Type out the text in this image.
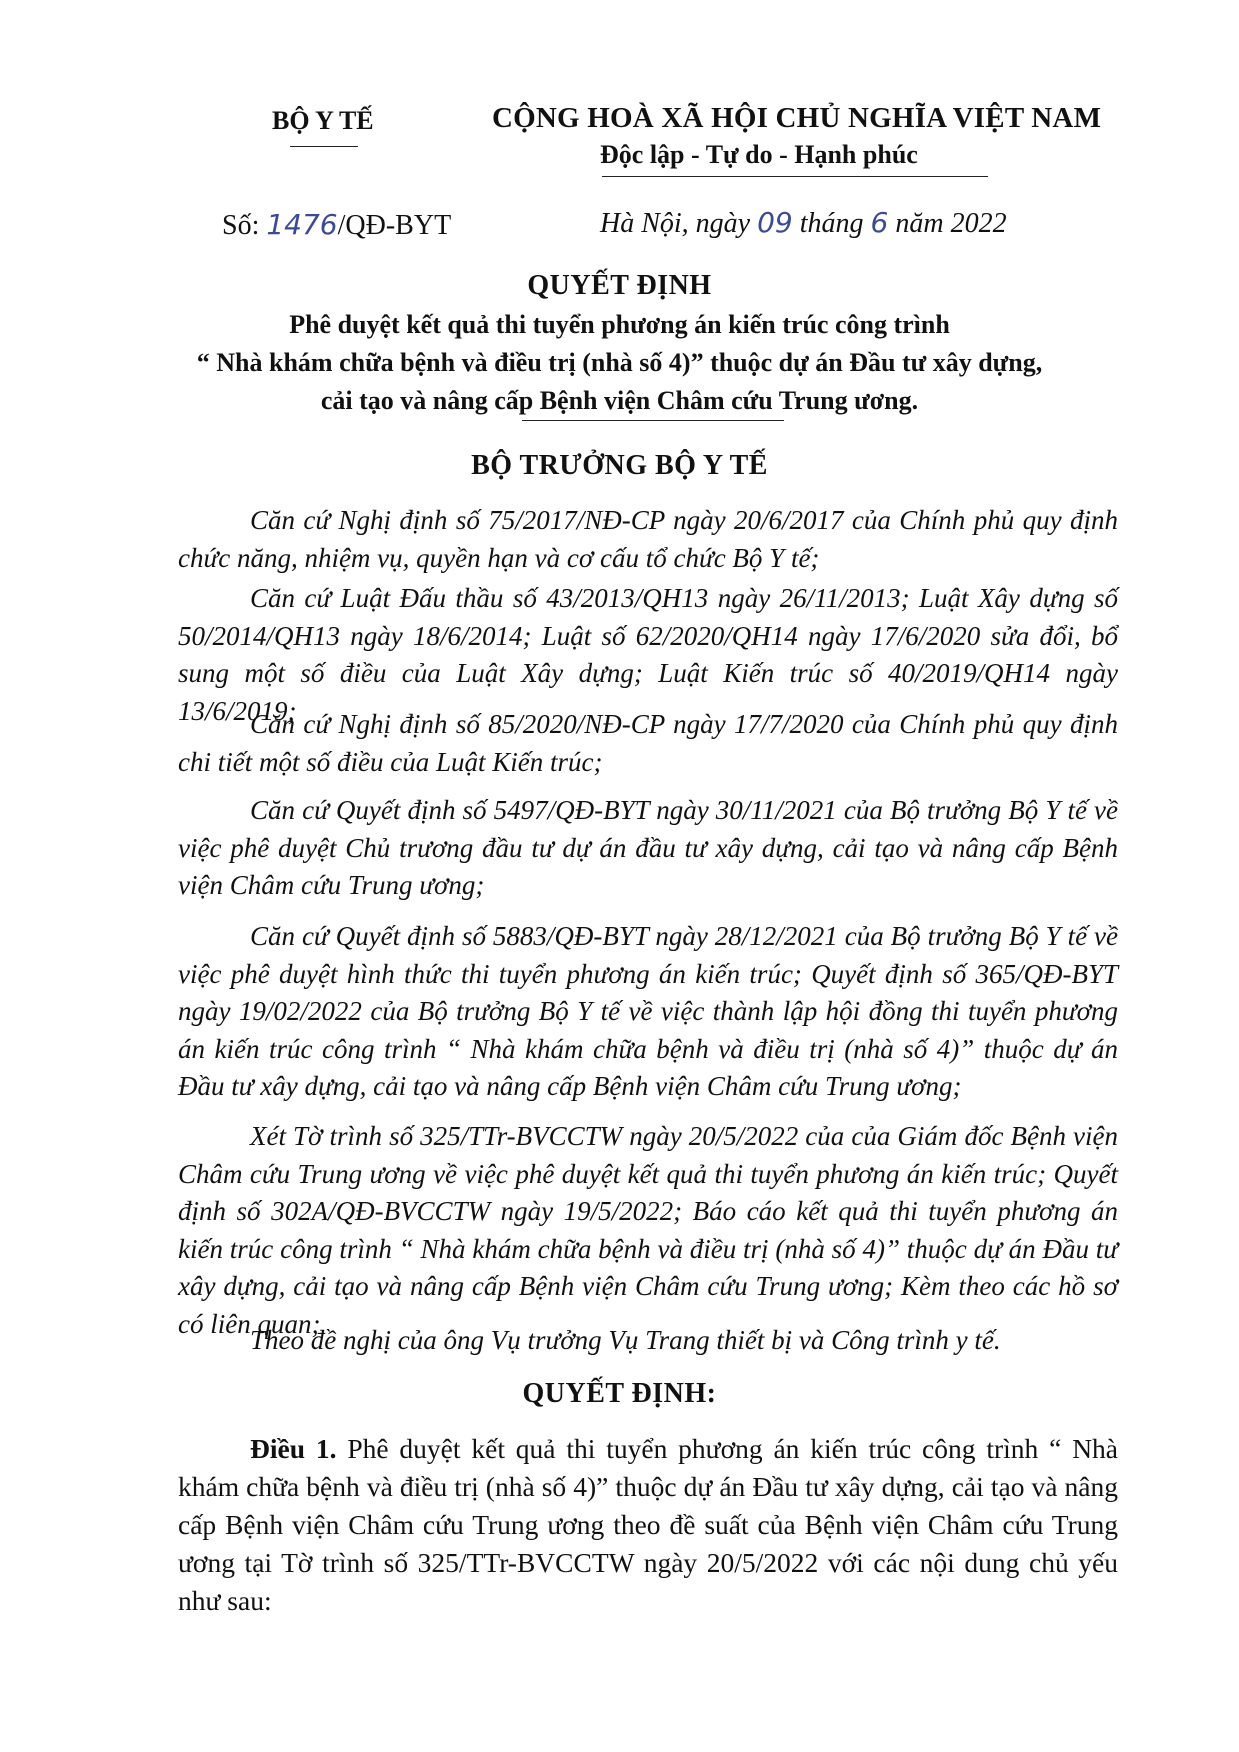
BỘ Y TẾ	CỘNG HOÀ XÃ HỘI CHỦ NGHĨA VIỆT NAM
Độc lập - Tự do - Hạnh phúc
Số: 1476/QĐ-BYT	Hà Nội, ngày 09 tháng 6 năm 2022
QUYẾT ĐỊNH
Phê duyệt kết quả thi tuyển phương án kiến trúc công trình
“ Nhà khám chữa bệnh và điều trị (nhà số 4)” thuộc dự án Đầu tư xây dựng,
cải tạo và nâng cấp Bệnh viện Châm cứu Trung ương.
BỘ TRƯỞNG BỘ Y TẾ
Căn cứ Nghị định số 75/2017/NĐ-CP ngày 20/6/2017 của Chính phủ quy định chức năng, nhiệm vụ, quyền hạn và cơ cấu tổ chức Bộ Y tế;
Căn cứ Luật Đấu thầu số 43/2013/QH13 ngày 26/11/2013; Luật Xây dựng số 50/2014/QH13 ngày 18/6/2014; Luật số 62/2020/QH14 ngày 17/6/2020 sửa đổi, bổ sung một số điều của Luật Xây dựng; Luật Kiến trúc số 40/2019/QH14 ngày 13/6/2019;
Căn cứ Nghị định số 85/2020/NĐ-CP ngày 17/7/2020 của Chính phủ quy định chi tiết một số điều của Luật Kiến trúc;
Căn cứ Quyết định số 5497/QĐ-BYT ngày 30/11/2021 của Bộ trưởng Bộ Y tế về việc phê duyệt Chủ trương đầu tư dự án đầu tư xây dựng, cải tạo và nâng cấp Bệnh viện Châm cứu Trung ương;
Căn cứ Quyết định số 5883/QĐ-BYT ngày 28/12/2021 của Bộ trưởng Bộ Y tế về việc phê duyệt hình thức thi tuyển phương án kiến trúc; Quyết định số 365/QĐ-BYT ngày 19/02/2022 của Bộ trưởng Bộ Y tế về việc thành lập hội đồng thi tuyển phương án kiến trúc công trình “ Nhà khám chữa bệnh và điều trị (nhà số 4)” thuộc dự án Đầu tư xây dựng, cải tạo và nâng cấp Bệnh viện Châm cứu Trung ương;
Xét Tờ trình số 325/TTr-BVCCTW ngày 20/5/2022 của của Giám đốc Bệnh viện Châm cứu Trung ương về việc phê duyệt kết quả thi tuyển phương án kiến trúc; Quyết định số 302A/QĐ-BVCCTW ngày 19/5/2022; Báo cáo kết quả thi tuyển phương án kiến trúc công trình “ Nhà khám chữa bệnh và điều trị (nhà số 4)” thuộc dự án Đầu tư xây dựng, cải tạo và nâng cấp Bệnh viện Châm cứu Trung ương; Kèm theo các hồ sơ có liên quan;
Theo đề nghị của ông Vụ trưởng Vụ Trang thiết bị và Công trình y tế.
QUYẾT ĐỊNH:
Điều 1. Phê duyệt kết quả thi tuyển phương án kiến trúc công trình “ Nhà khám chữa bệnh và điều trị (nhà số 4)” thuộc dự án Đầu tư xây dựng, cải tạo và nâng cấp Bệnh viện Châm cứu Trung ương theo đề suất của Bệnh viện Châm cứu Trung ương tại Tờ trình số 325/TTr-BVCCTW ngày 20/5/2022 với các nội dung chủ yếu như sau:
